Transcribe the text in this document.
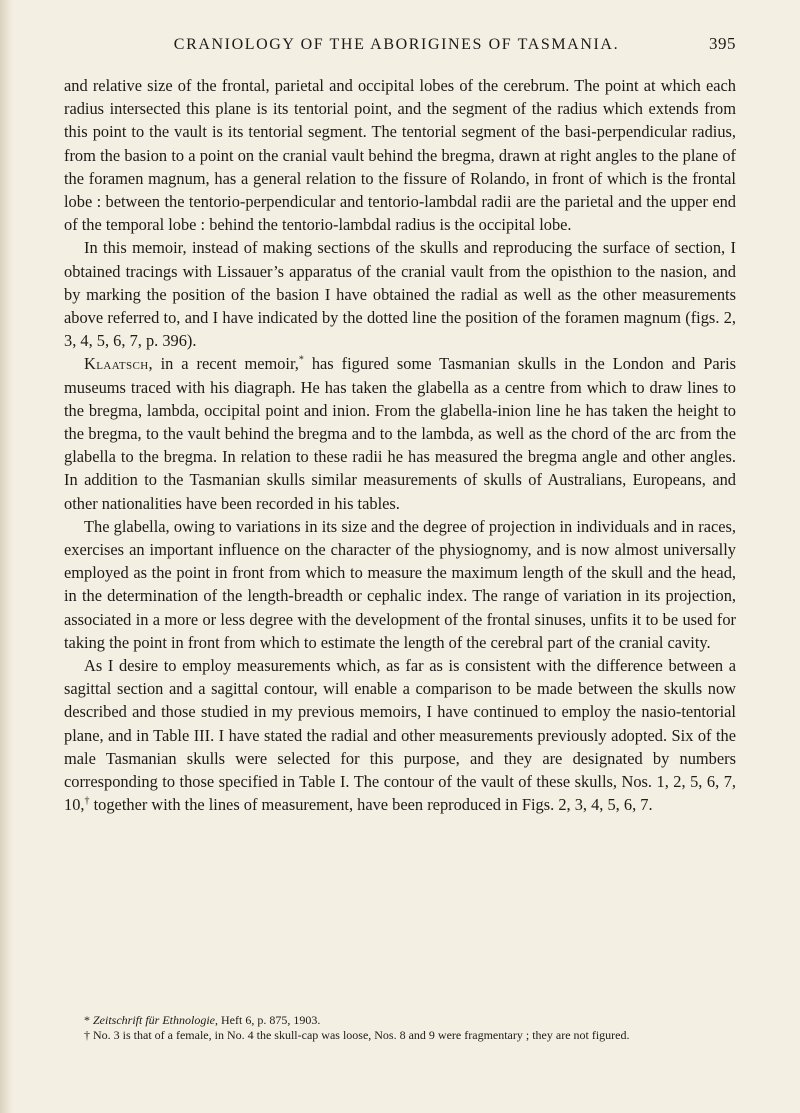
CRANIOLOGY OF THE ABORIGINES OF TASMANIA.	395

and relative size of the frontal, parietal and occipital lobes of the cerebrum. The point at which each radius intersected this plane is its tentorial point, and the segment of the radius which extends from this point to the vault is its tentorial segment. The tentorial segment of the basi-perpendicular radius, from the basion to a point on the cranial vault behind the bregma, drawn at right angles to the plane of the foramen magnum, has a general relation to the fissure of Rolando, in front of which is the frontal lobe : between the tentorio-perpendicular and tentorio-lambdal radii are the parietal and the upper end of the temporal lobe : behind the tentorio-lambdal radius is the occipital lobe.

In this memoir, instead of making sections of the skulls and reproducing the surface of section, I obtained tracings with Lissauer’s apparatus of the cranial vault from the opisthion to the nasion, and by marking the position of the basion I have obtained the radial as well as the other measurements above referred to, and I have indicated by the dotted line the position of the foramen magnum (figs. 2, 3, 4, 5, 6, 7, p. 396).

Klaatsch, in a recent memoir,* has figured some Tasmanian skulls in the London and Paris museums traced with his diagraph. He has taken the glabella as a centre from which to draw lines to the bregma, lambda, occipital point and inion. From the glabella-inion line he has taken the height to the bregma, to the vault behind the bregma and to the lambda, as well as the chord of the arc from the glabella to the bregma. In relation to these radii he has measured the bregma angle and other angles. In addition to the Tasmanian skulls similar measurements of skulls of Australians, Europeans, and other nationalities have been recorded in his tables.

The glabella, owing to variations in its size and the degree of projection in individuals and in races, exercises an important influence on the character of the physiognomy, and is now almost universally employed as the point in front from which to measure the maximum length of the skull and the head, in the determination of the length-breadth or cephalic index. The range of variation in its projection, associated in a more or less degree with the development of the frontal sinuses, unfits it to be used for taking the point in front from which to estimate the length of the cerebral part of the cranial cavity.

As I desire to employ measurements which, as far as is consistent with the difference between a sagittal section and a sagittal contour, will enable a comparison to be made between the skulls now described and those studied in my previous memoirs, I have continued to employ the nasio-tentorial plane, and in Table III. I have stated the radial and other measurements previously adopted. Six of the male Tasmanian skulls were selected for this purpose, and they are designated by numbers corresponding to those specified in Table I. The contour of the vault of these skulls, Nos. 1, 2, 5, 6, 7, 10,† together with the lines of measurement, have been reproduced in Figs. 2, 3, 4, 5, 6, 7.

* Zeitschrift für Ethnologie, Heft 6, p. 875, 1903.

† No. 3 is that of a female, in No. 4 the skull-cap was loose, Nos. 8 and 9 were fragmentary ; they are not figured.
